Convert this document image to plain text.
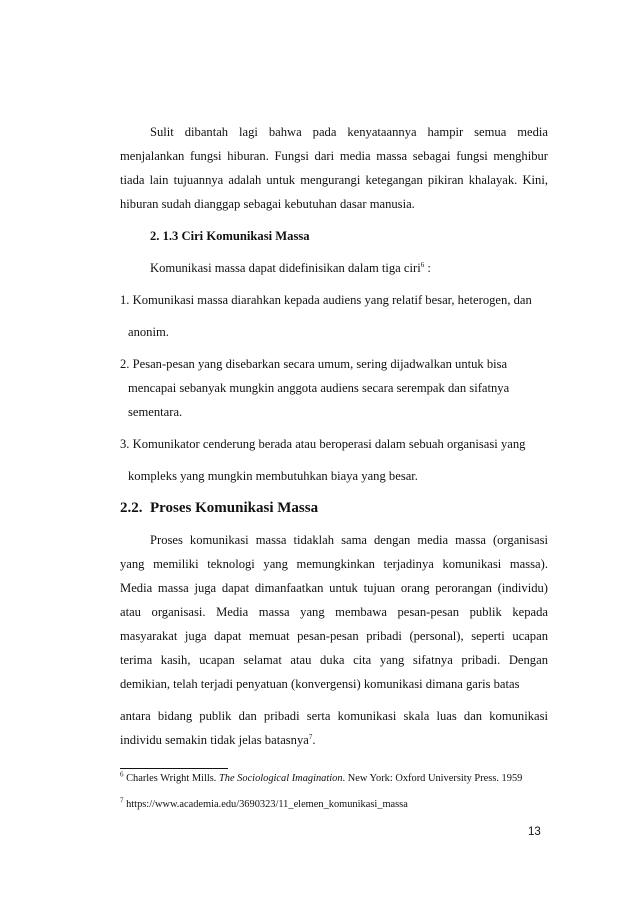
Sulit dibantah lagi bahwa pada kenyataannya hampir semua media
menjalankan fungsi hiburan. Fungsi dari media massa sebagai fungsi menghibur
tiada lain tujuannya adalah untuk mengurangi ketegangan pikiran khalayak. Kini,
hiburan sudah dianggap sebagai kebutuhan dasar manusia.
2. 1.3 Ciri Komunikasi Massa
Komunikasi massa dapat didefinisikan dalam tiga ciri$^6$ :
1. Komunikasi massa diarahkan kepada audiens yang relatif besar, heterogen, dan
anonim.
2. Pesan-pesan yang disebarkan secara umum, sering dijadwalkan untuk bisa
mencapai sebanyak mungkin anggota audiens secara serempak dan sifatnya
sementara.
3. Komunikator cenderung berada atau beroperasi dalam sebuah organisasi yang
kompleks yang mungkin membutuhkan biaya yang besar.
2.2. Proses Komunikasi Massa
Proses komunikasi massa tidaklah sama dengan media massa (organisasi
yang memiliki teknologi yang memungkinkan terjadinya komunikasi massa).
Media massa juga dapat dimanfaatkan untuk tujuan orang perorangan (individu)
atau organisasi. Media massa yang membawa pesan-pesan publik kepada
masyarakat juga dapat memuat pesan-pesan pribadi (personal), seperti ucapan
terima kasih, ucapan selamat atau duka cita yang sifatnya pribadi. Dengan
demikian, telah terjadi penyatuan (konvergensi) komunikasi dimana garis batas
antara bidang publik dan pribadi serta komunikasi skala luas dan komunikasi
individu semakin tidak jelas batasnya$^7$.
$^6$ Charles Wright Mills. The Sociological Imagination. New York: Oxford University Press. 1959
$^7$ https://www.academia.edu/3690323/11_elemen_komunikasi_massa
13
